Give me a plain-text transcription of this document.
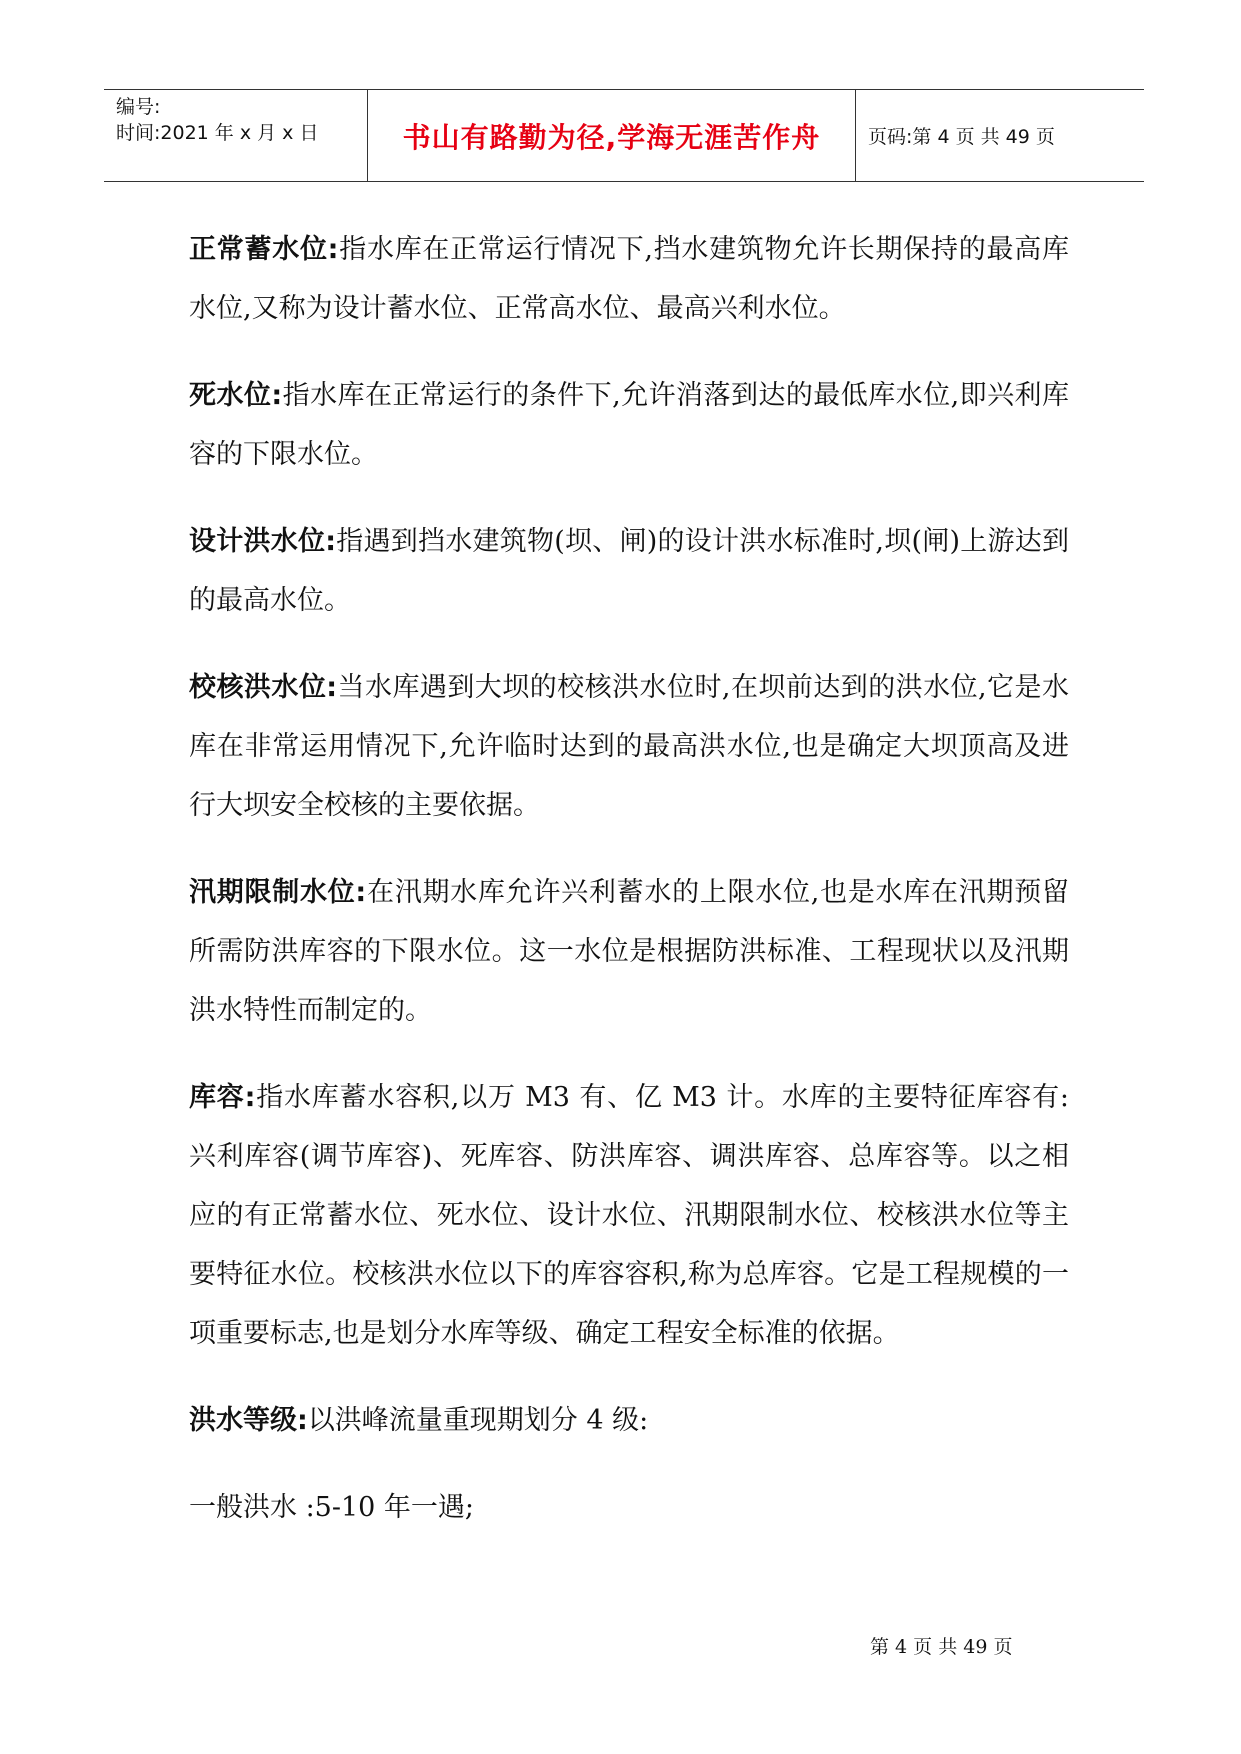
编号:
时间:2021 年 x 月 x 日	书山有路勤为径,学海无涯苦作舟	页码:第 4 页 共 49 页

正常蓄水位:指水库在正常运行情况下,挡水建筑物允许长期保持的最高库水位,又称为设计蓄水位、正常高水位、最高兴利水位。

死水位:指水库在正常运行的条件下,允许消落到达的最低库水位,即兴利库容的下限水位。

设计洪水位:指遇到挡水建筑物(坝、闸)的设计洪水标准时,坝(闸)上游达到的最高水位。

校核洪水位:当水库遇到大坝的校核洪水位时,在坝前达到的洪水位,它是水库在非常运用情况下,允许临时达到的最高洪水位,也是确定大坝顶高及进行大坝安全校核的主要依据。

汛期限制水位:在汛期水库允许兴利蓄水的上限水位,也是水库在汛期预留所需防洪库容的下限水位。这一水位是根据防洪标准、工程现状以及汛期洪水特性而制定的。

库容:指水库蓄水容积,以万 M3 有、亿 M3 计。水库的主要特征库容有:兴利库容(调节库容)、死库容、防洪库容、调洪库容、总库容等。以之相应的有正常蓄水位、死水位、设计水位、汛期限制水位、校核洪水位等主要特征水位。校核洪水位以下的库容容积,称为总库容。它是工程规模的一项重要标志,也是划分水库等级、确定工程安全标准的依据。

洪水等级:以洪峰流量重现期划分 4 级:

一般洪水 :5-10 年一遇;

第 4 页 共 49 页
